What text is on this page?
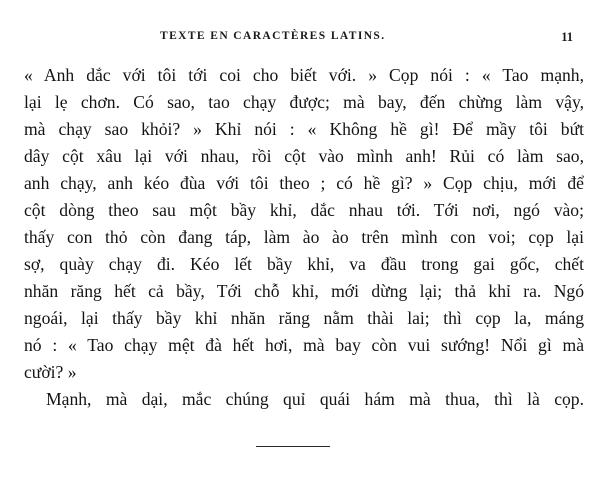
TEXTE EN CARACTÈRES LATINS.	11
« Anh dắc với tôi tới coi cho biết với. » Cọp nói : « Tao mạnh,
lại lẹ chơn. Có sao, tao chạy được; mà bay, đến chừng làm vậy,
mà chạy sao khỏi? » Khỉ nói : « Không hề gì! Để mầy tôi bứt
dây cột xâu lại với nhau, rồi cột vào mình anh! Rủi có làm sao,
anh chạy, anh kéo đùa với tôi theo ; có hề gì? » Cọp chịu, mới để
cột dòng theo sau một bầy khỉ, dắc nhau tới. Tới nơi, ngó vào;
thấy con thỏ còn đang táp, làm ào ào trên mình con voi; cọp lại
sợ, quày chạy đi. Kéo lết bầy khỉ, va đầu trong gai gốc, chết
nhăn răng hết cả bầy, Tới chỗ khỉ, mới dừng lại; thả khỉ ra. Ngó
ngoái, lại thấy bầy khỉ nhăn răng nằm thài lai; thì cọp la, máng
nó : « Tao chạy mệt đà hết hơi, mà bay còn vui sướng! Nổi gì mà
cười? »
Mạnh, mà dại, mắc chúng quỉ quái hám mà thua, thì là cọp.
